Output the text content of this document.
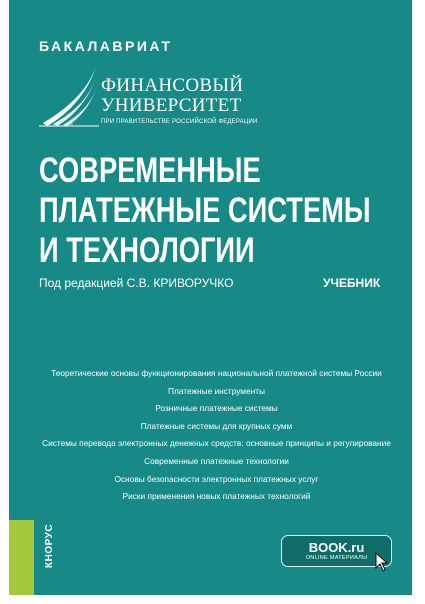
БАКАЛАВРИАТ
ФИНАНСОВЫЙ
УНИВЕРСИТЕТ
ПРИ ПРАВИТЕЛЬСТВЕ РОССИЙСКОЙ ФЕДЕРАЦИИ
1919
СОВРЕМЕННЫЕ
ПЛАТЕЖНЫЕ СИСТЕМЫ
И ТЕХНОЛОГИИ
Под редакцией С.В. КРИВОРУЧКО	УЧЕБНИК
Теоретические основы функционирования национальной платежной системы России
Платежные инструменты
Розничные платежные системы
Платежные системы для крупных сумм
Системы перевода электронных денежных средств: основные принципы и регулирование
Современные платежные технологии
Основы безопасности электронных платежных услуг
Риски применения новых платежных технологий
КНОРУС	BOOK.ru
ONLINE МАТЕРИАЛЫ
